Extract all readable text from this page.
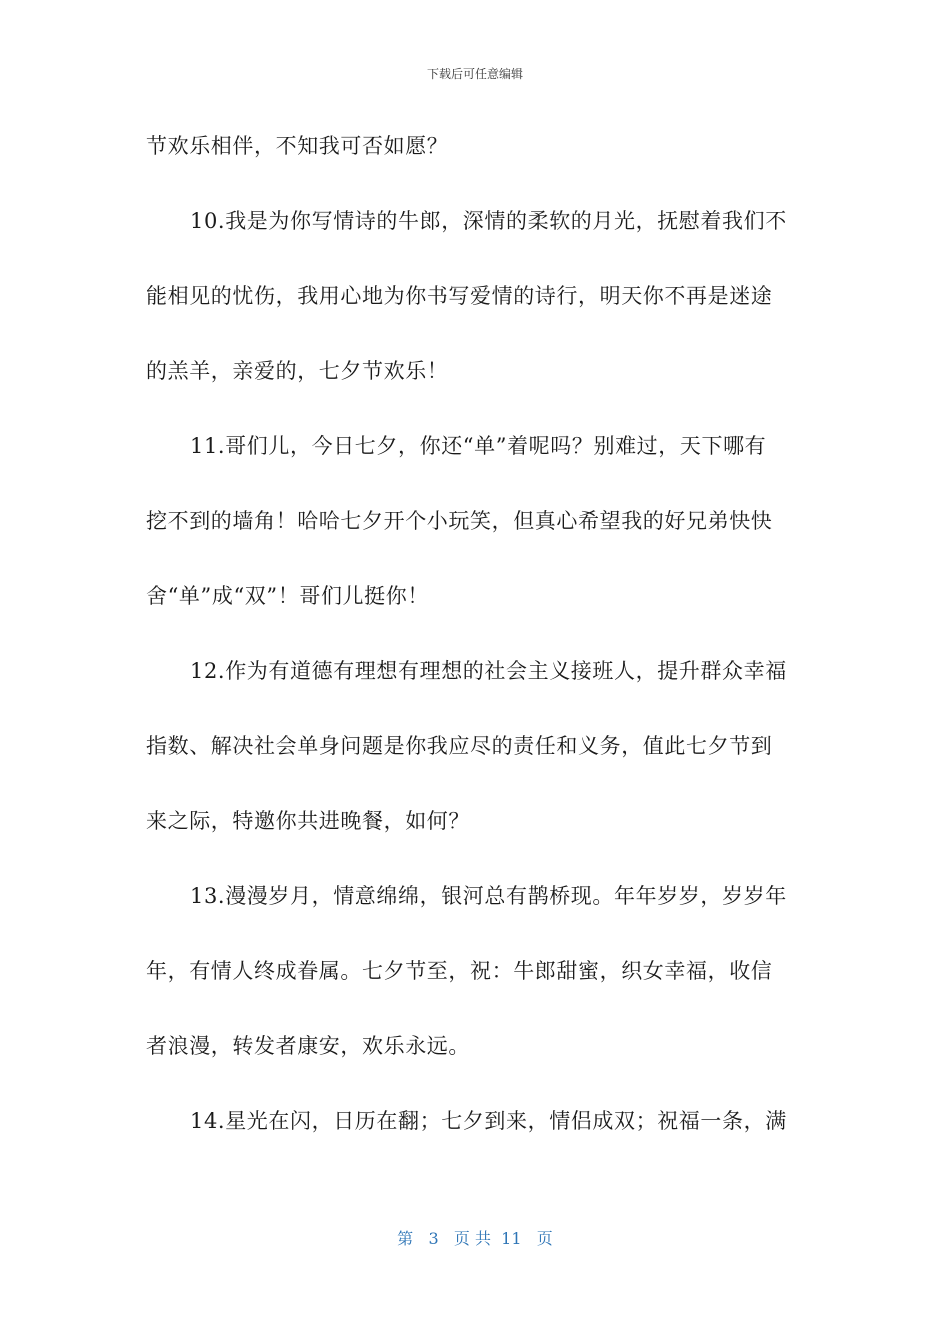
下载后可任意编辑
节欢乐相伴，不知我可否如愿？
10.我是为你写情诗的牛郎，深情的柔软的月光，抚慰着我们不
能相见的忧伤，我用心地为你书写爱情的诗行，明天你不再是迷途
的羔羊，亲爱的，七夕节欢乐！
11.哥们儿，今日七夕，你还“单”着呢吗？别难过，天下哪有
挖不到的墙角！哈哈七夕开个小玩笑，但真心希望我的好兄弟快快
舍“单”成“双”！哥们儿挺你！
12.作为有道德有理想有理想的社会主义接班人，提升群众幸福
指数、解决社会单身问题是你我应尽的责任和义务，值此七夕节到
来之际，特邀你共进晚餐，如何？
13.漫漫岁月，情意绵绵，银河总有鹊桥现。年年岁岁，岁岁年
年，有情人终成眷属。七夕节至，祝：牛郎甜蜜，织女幸福，收信
者浪漫，转发者康安，欢乐永远。
14.星光在闪，日历在翻；七夕到来，情侣成双；祝福一条，满
第 3 页 共 11 页
